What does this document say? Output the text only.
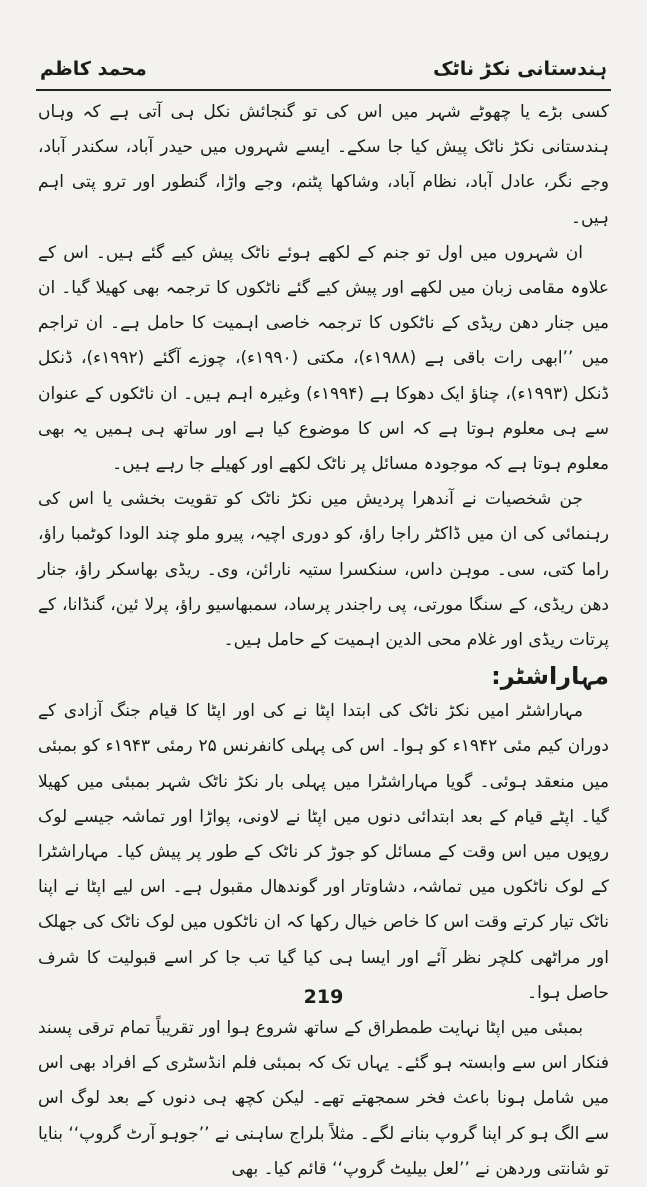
محمد کاظم	ہندستانی نکڑ ناٹک

کسی بڑے یا چھوٹے شہر میں اس کی تو گنجائش نکل ہی آتی ہے کہ وہاں ہندستانی نکڑ ناٹک پیش کیا جا سکے۔ ایسے شہروں میں حیدر آباد، سکندر آباد، وجے نگر، عادل آباد، نظام آباد، وشاکھا پٹنم، وجے واڑا، گنطور اور ترو پتی اہم ہیں۔

ان شہروں میں اول تو جنم کے لکھے ہوئے ناٹک پیش کیے گئے ہیں۔ اس کے علاوہ مقامی زبان میں لکھے اور پیش کیے گئے ناٹکوں کا ترجمہ بھی کھیلا گیا۔ ان میں جنار دھن ریڈی کے ناٹکوں کا ترجمہ خاصی اہمیت کا حامل ہے۔ ان تراجم میں ’’ابھی رات باقی ہے (۱۹۸۸ء)، مکتی (۱۹۹۰ء)، چوزے آگئے (۱۹۹۲ء)، ڈنکل ڈنکل (۱۹۹۳ء)، چناؤ ایک دھوکا ہے (۱۹۹۴ء) وغیرہ اہم ہیں۔ ان ناٹکوں کے عنوان سے ہی معلوم ہوتا ہے کہ اس کا موضوع کیا ہے اور ساتھ ہی ہمیں یہ بھی معلوم ہوتا ہے کہ موجودہ مسائل پر ناٹک لکھے اور کھیلے جا رہے ہیں۔

جن شخصیات نے آندھرا پردیش میں نکڑ ناٹک کو تقویت بخشی یا اس کی رہنمائی کی ان میں ڈاکٹر راجا راؤ، کو دوری اچیہ، پیرو ملو چند الودا کوٹمبا راؤ، راما کتی، سی۔ موہن داس، سنکسرا ستیہ نارائن، وی۔ ریڈی بھاسکر راؤ، جنار دھن ریڈی، کے سنگا مورتی، پی راجندر پرساد، سمبھاسیو راؤ، پرلا ئین، گنڈانا، کے پرتات ریڈی اور غلام محی الدین اہمیت کے حامل ہیں۔

مہاراشٹر:

مہاراشٹر امیں نکڑ ناٹک کی ابتدا اپٹا نے کی اور اپٹا کا قیام جنگ آزادی کے دوران کیم مئی ۱۹۴۲ء کو ہوا۔ اس کی پہلی کانفرنس ۲۵ رمئی ۱۹۴۳ء کو بمبئی میں منعقد ہوئی۔ گویا مہاراشٹرا میں پہلی بار نکڑ ناٹک شہر بمبئی میں کھیلا گیا۔ اپٹے قیام کے بعد ابتدائی دنوں میں اپٹا نے لاونی، پواڑا اور تماشہ جیسے لوک روپوں میں اس وقت کے مسائل کو جوڑ کر ناٹک کے طور پر پیش کیا۔ مہاراشٹرا کے لوک ناٹکوں میں تماشہ، دشاوتار اور گوندھال مقبول ہے۔ اس لیے اپٹا نے اپنا ناٹک تیار کرتے وقت اس کا خاص خیال رکھا کہ ان ناٹکوں میں لوک ناٹک کی جھلک اور مراٹھی کلچر نظر آئے اور ایسا ہی کیا گیا تب جا کر اسے قبولیت کا شرف حاصل ہوا۔

بمبئی میں اپٹا نہایت طمطراق کے ساتھ شروع ہوا اور تقریباً تمام ترقی پسند فنکار اس سے وابستہ ہو گئے۔ یہاں تک کہ بمبئی فلم انڈسٹری کے افراد بھی اس میں شامل ہونا باعث فخر سمجھتے تھے۔ لیکن کچھ ہی دنوں کے بعد لوگ اس سے الگ ہو کر اپنا گروپ بنانے لگے۔ مثلاً بلراج ساہنی نے ’’جوہو آرٹ گروپ‘‘ بنایا تو شانتی وردھن نے ’’لعل بیلیٹ گروپ‘‘ قائم کیا۔ بھی

219
